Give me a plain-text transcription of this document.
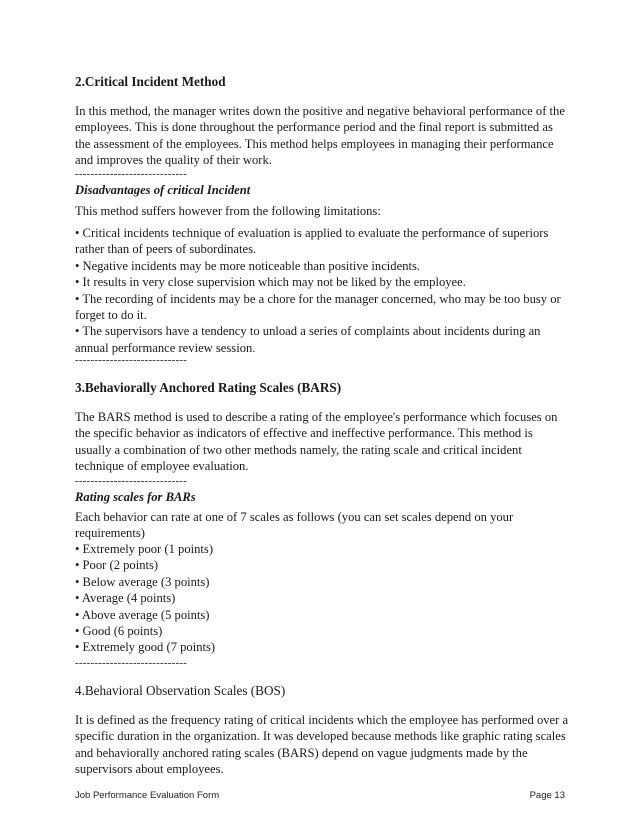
2.Critical Incident Method

In this method, the manager writes down the positive and negative behavioral performance of the employees. This is done throughout the performance period and the final report is submitted as the assessment of the employees. This method helps employees in managing their performance and improves the quality of their work.

-----------------------------

Disadvantages of critical Incident

This method suffers however from the following limitations:

• Critical incidents technique of evaluation is applied to evaluate the performance of superiors rather than of peers of subordinates.
• Negative incidents may be more noticeable than positive incidents.
• It results in very close supervision which may not be liked by the employee.
• The recording of incidents may be a chore for the manager concerned, who may be too busy or forget to do it.
• The supervisors have a tendency to unload a series of complaints about incidents during an annual performance review session.

-----------------------------

3.Behaviorally Anchored Rating Scales (BARS)

The BARS method is used to describe a rating of the employee's performance which focuses on the specific behavior as indicators of effective and ineffective performance. This method is usually a combination of two other methods namely, the rating scale and critical incident technique of employee evaluation.

-----------------------------

Rating scales for BARs

Each behavior can rate at one of 7 scales as follows (you can set scales depend on your requirements)

• Extremely poor (1 points)
• Poor (2 points)
• Below average (3 points)
• Average (4 points)
• Above average (5 points)
• Good (6 points)
• Extremely good (7 points)

-----------------------------

4.Behavioral Observation Scales (BOS)

It is defined as the frequency rating of critical incidents which the employee has performed over a specific duration in the organization. It was developed because methods like graphic rating scales and behaviorally anchored rating scales (BARS) depend on vague judgments made by the supervisors about employees.

Job Performance Evaluation Form	Page 13
